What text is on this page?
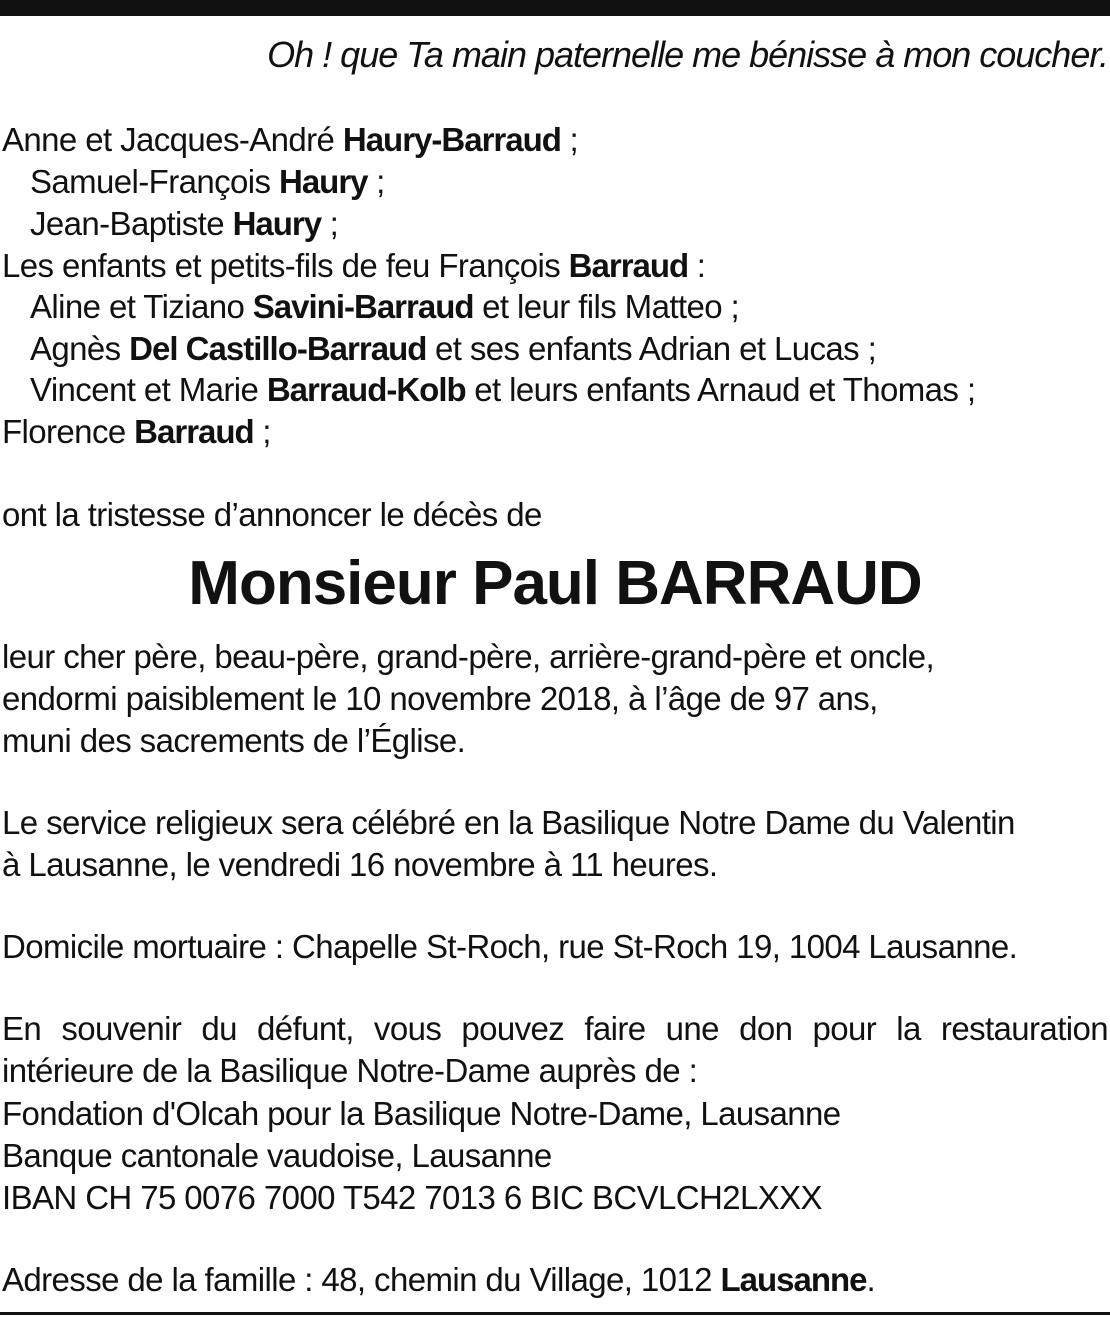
Oh ! que Ta main paternelle me bénisse à mon coucher.
Anne et Jacques-André Haury-Barraud ;
Samuel-François Haury ;
Jean-Baptiste Haury ;
Les enfants et petits-fils de feu François Barraud :
Aline et Tiziano Savini-Barraud et leur fils Matteo ;
Agnès Del Castillo-Barraud et ses enfants Adrian et Lucas ;
Vincent et Marie Barraud-Kolb et leurs enfants Arnaud et Thomas ;
Florence Barraud ;
ont la tristesse d’annoncer le décès de
Monsieur Paul BARRAUD
leur cher père, beau-père, grand-père, arrière-grand-père et oncle,
endormi paisiblement le 10 novembre 2018, à l’âge de 97 ans,
muni des sacrements de l’Église.
Le service religieux sera célébré en la Basilique Notre Dame du Valentin
à Lausanne, le vendredi 16 novembre à 11 heures.
Domicile mortuaire : Chapelle St-Roch, rue St-Roch 19, 1004 Lausanne.
En souvenir du défunt, vous pouvez faire une don pour la restauration intérieure de la Basilique Notre-Dame auprès de :
Fondation d'Olcah pour la Basilique Notre-Dame, Lausanne
Banque cantonale vaudoise, Lausanne
IBAN CH 75 0076 7000 T542 7013 6 BIC BCVLCH2LXXX
Adresse de la famille : 48, chemin du Village, 1012 Lausanne.
